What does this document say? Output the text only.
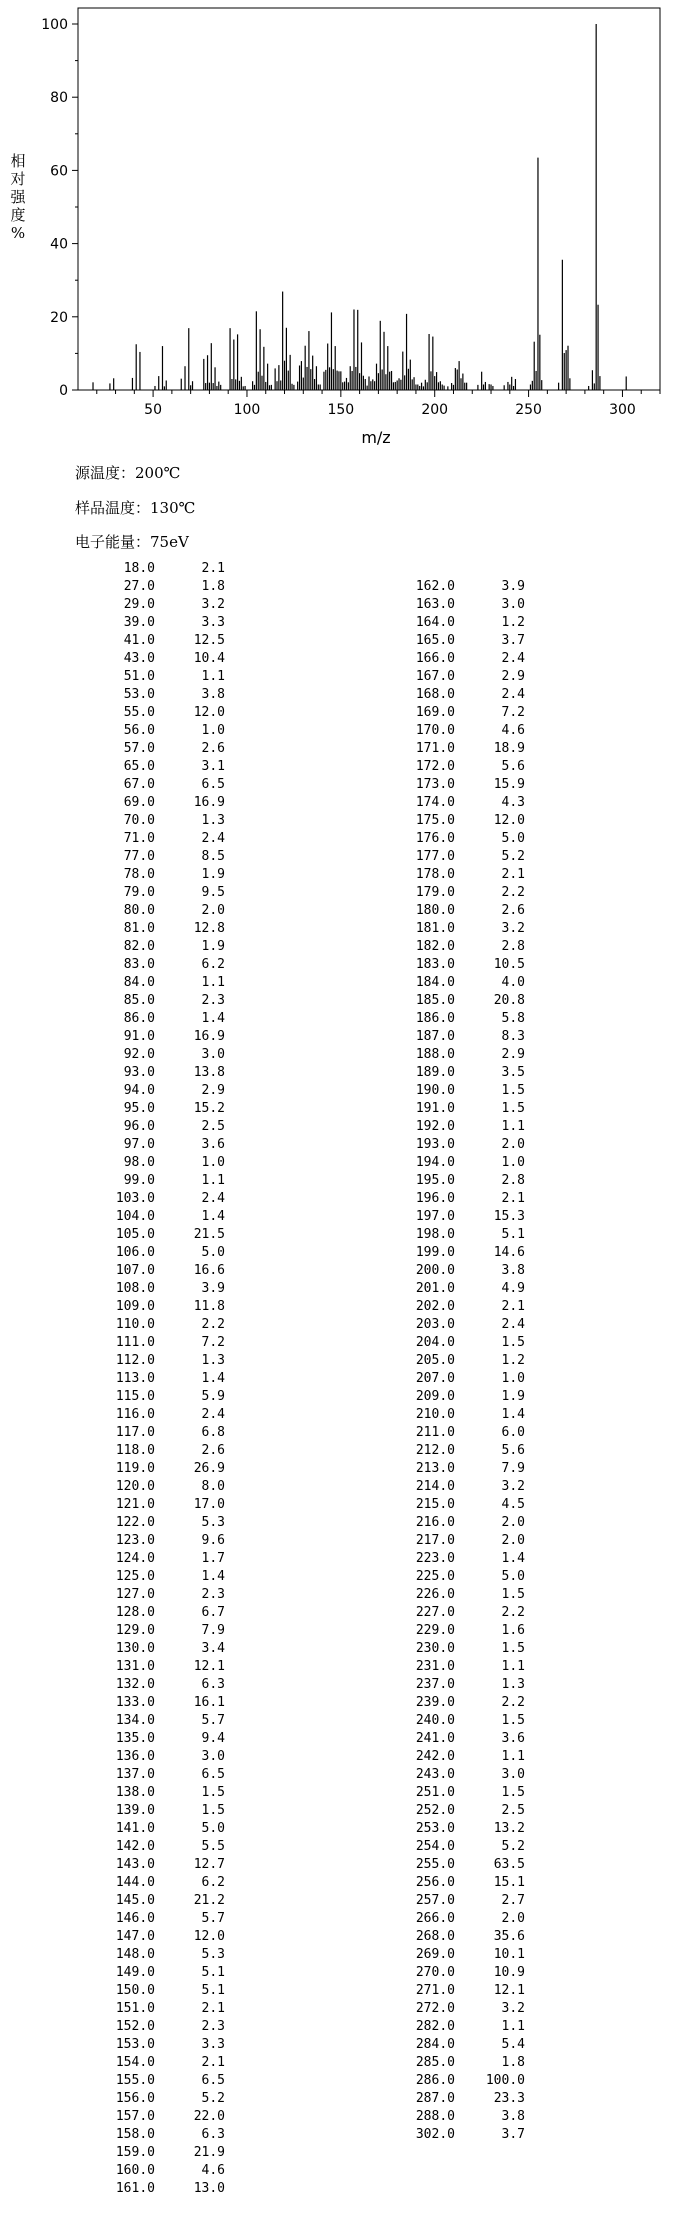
相
对
强
度
%
0
20
40
60
80
100
50	100	150	200	250	300
m/z
源温度：200℃
样品温度：130℃
电子能量：75eV
18.0	2.1
27.0	1.8
29.0	3.2
39.0	3.3
41.0	12.5
43.0	10.4
51.0	1.1
53.0	3.8
55.0	12.0
56.0	1.0
57.0	2.6
65.0	3.1
67.0	6.5
69.0	16.9
70.0	1.3
71.0	2.4
77.0	8.5
78.0	1.9
79.0	9.5
80.0	2.0
81.0	12.8
82.0	1.9
83.0	6.2
84.0	1.1
85.0	2.3
86.0	1.4
91.0	16.9
92.0	3.0
93.0	13.8
94.0	2.9
95.0	15.2
96.0	2.5
97.0	3.6
98.0	1.0
99.0	1.1
103.0	2.4
104.0	1.4
105.0	21.5
106.0	5.0
107.0	16.6
108.0	3.9
109.0	11.8
110.0	2.2
111.0	7.2
112.0	1.3
113.0	1.4
115.0	5.9
116.0	2.4
117.0	6.8
118.0	2.6
119.0	26.9
120.0	8.0
121.0	17.0
122.0	5.3
123.0	9.6
124.0	1.7
125.0	1.4
127.0	2.3
128.0	6.7
129.0	7.9
130.0	3.4
131.0	12.1
132.0	6.3
133.0	16.1
134.0	5.7
135.0	9.4
136.0	3.0
137.0	6.5
138.0	1.5
139.0	1.5
141.0	5.0
142.0	5.5
143.0	12.7
144.0	6.2
145.0	21.2
146.0	5.7
147.0	12.0
148.0	5.3
149.0	5.1
150.0	5.1
151.0	2.1
152.0	2.3
153.0	3.3
154.0	2.1
155.0	6.5
156.0	5.2
157.0	22.0
158.0	6.3
159.0	21.9
160.0	4.6
161.0	13.0
162.0	3.9
163.0	3.0
164.0	1.2
165.0	3.7
166.0	2.4
167.0	2.9
168.0	2.4
169.0	7.2
170.0	4.6
171.0	18.9
172.0	5.6
173.0	15.9
174.0	4.3
175.0	12.0
176.0	5.0
177.0	5.2
178.0	2.1
179.0	2.2
180.0	2.6
181.0	3.2
182.0	2.8
183.0	10.5
184.0	4.0
185.0	20.8
186.0	5.8
187.0	8.3
188.0	2.9
189.0	3.5
190.0	1.5
191.0	1.5
192.0	1.1
193.0	2.0
194.0	1.0
195.0	2.8
196.0	2.1
197.0	15.3
198.0	5.1
199.0	14.6
200.0	3.8
201.0	4.9
202.0	2.1
203.0	2.4
204.0	1.5
205.0	1.2
207.0	1.0
209.0	1.9
210.0	1.4
211.0	6.0
212.0	5.6
213.0	7.9
214.0	3.2
215.0	4.5
216.0	2.0
217.0	2.0
223.0	1.4
225.0	5.0
226.0	1.5
227.0	2.2
229.0	1.6
230.0	1.5
231.0	1.1
237.0	1.3
239.0	2.2
240.0	1.5
241.0	3.6
242.0	1.1
243.0	3.0
251.0	1.5
252.0	2.5
253.0	13.2
254.0	5.2
255.0	63.5
256.0	15.1
257.0	2.7
266.0	2.0
268.0	35.6
269.0	10.1
270.0	10.9
271.0	12.1
272.0	3.2
282.0	1.1
284.0	5.4
285.0	1.8
286.0	100.0
287.0	23.3
288.0	3.8
302.0	3.7
